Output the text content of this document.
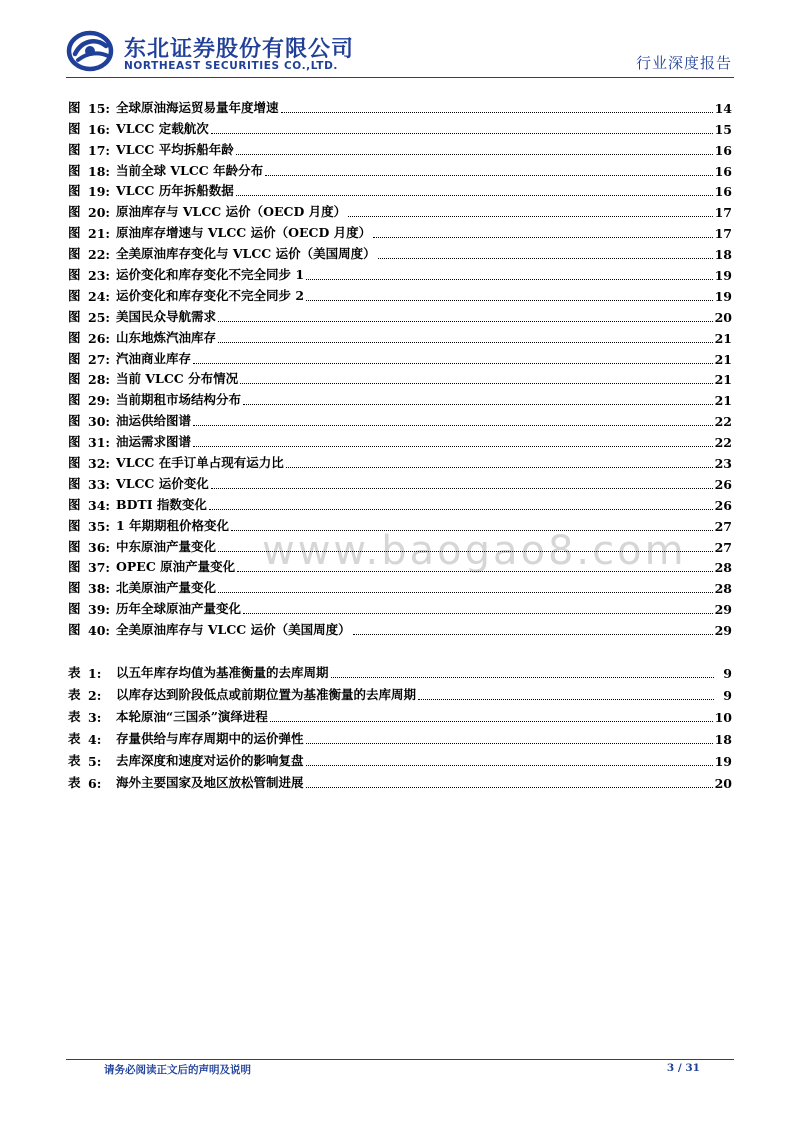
东北证券股份有限公司
NORTHEAST SECURITIES CO.,LTD.	行业深度报告
www.baogao8.com
图 15: 全球原油海运贸易量年度增速	14
图 16: VLCC 定载航次	15
图 17: VLCC 平均拆船年龄	16
图 18: 当前全球 VLCC 年龄分布	16
图 19: VLCC 历年拆船数据	16
图 20: 原油库存与 VLCC 运价（OECD 月度）	17
图 21: 原油库存增速与 VLCC 运价（OECD 月度）	17
图 22: 全美原油库存变化与 VLCC 运价（美国周度）	18
图 23: 运价变化和库存变化不完全同步 1	19
图 24: 运价变化和库存变化不完全同步 2	19
图 25: 美国民众导航需求	20
图 26: 山东地炼汽油库存	21
图 27: 汽油商业库存	21
图 28: 当前 VLCC 分布情况	21
图 29: 当前期租市场结构分布	21
图 30: 油运供给图谱	22
图 31: 油运需求图谱	22
图 32: VLCC 在手订单占现有运力比	23
图 33: VLCC 运价变化	26
图 34: BDTI 指数变化	26
图 35: 1 年期期租价格变化	27
图 36: 中东原油产量变化	27
图 37: OPEC 原油产量变化	28
图 38: 北美原油产量变化	28
图 39: 历年全球原油产量变化	29
图 40: 全美原油库存与 VLCC 运价（美国周度）	29
表 1:	以五年库存均值为基准衡量的去库周期	9
表 2:	以库存达到阶段低点或前期位置为基准衡量的去库周期	9
表 3:	本轮原油“三国杀”演绎进程	10
表 4:	存量供给与库存周期中的运价弹性	18
表 5:	去库深度和速度对运价的影响复盘	19
表 6:	海外主要国家及地区放松管制进展	20
请务必阅读正文后的声明及说明	3 / 31
